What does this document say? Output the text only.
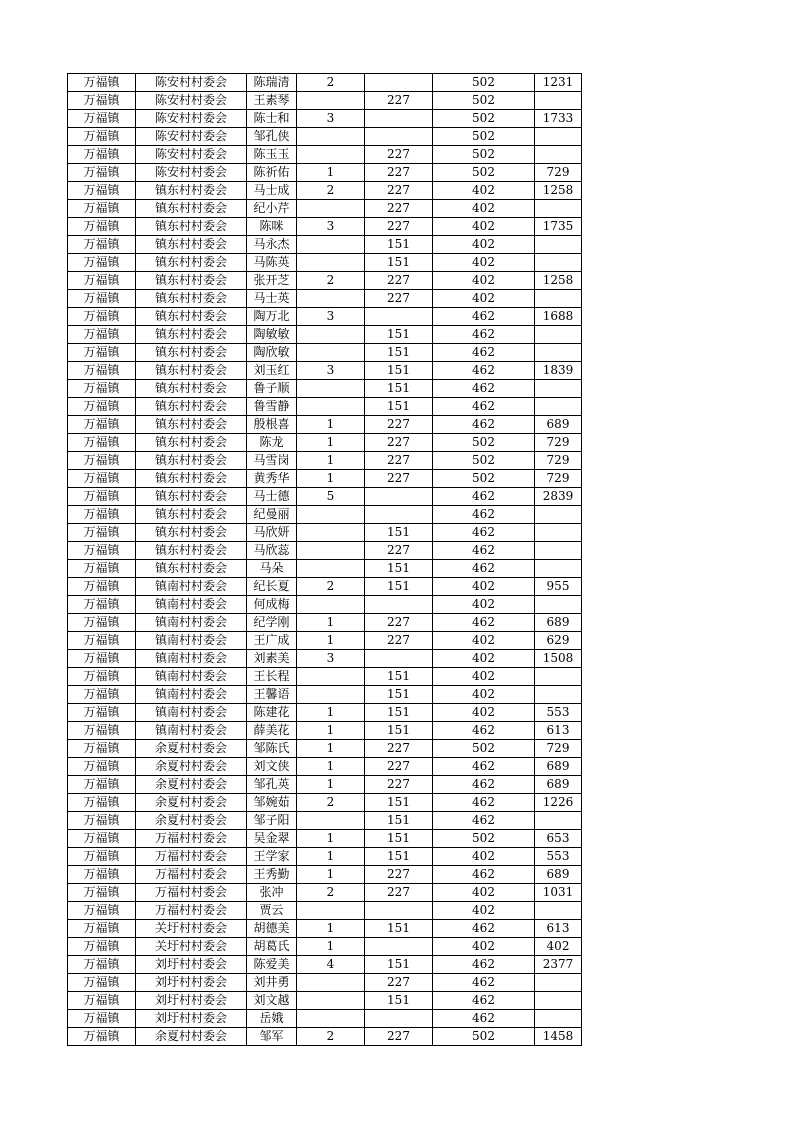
万福镇	陈安村村委会	陈瑞清	2		502	1231
万福镇	陈安村村委会	王素琴		227	502	
万福镇	陈安村村委会	陈士和	3		502	1733
万福镇	陈安村村委会	邹孔侠			502	
万福镇	陈安村村委会	陈玉玉		227	502	
万福镇	陈安村村委会	陈祈佑	1	227	502	729
万福镇	镇东村村委会	马士成	2	227	402	1258
万福镇	镇东村村委会	纪小芹		227	402	
万福镇	镇东村村委会	陈咪	3	227	402	1735
万福镇	镇东村村委会	马永杰		151	402	
万福镇	镇东村村委会	马陈英		151	402	
万福镇	镇东村村委会	张开芝	2	227	402	1258
万福镇	镇东村村委会	马士英		227	402	
万福镇	镇东村村委会	陶万北	3		462	1688
万福镇	镇东村村委会	陶敏敏		151	462	
万福镇	镇东村村委会	陶欣敏		151	462	
万福镇	镇东村村委会	刘玉红	3	151	462	1839
万福镇	镇东村村委会	鲁子顺		151	462	
万福镇	镇东村村委会	鲁雪静		151	462	
万福镇	镇东村村委会	殷根喜	1	227	462	689
万福镇	镇东村村委会	陈龙	1	227	502	729
万福镇	镇东村村委会	马雪岗	1	227	502	729
万福镇	镇东村村委会	黄秀华	1	227	502	729
万福镇	镇东村村委会	马士德	5		462	2839
万福镇	镇东村村委会	纪曼丽			462	
万福镇	镇东村村委会	马欣妍		151	462	
万福镇	镇东村村委会	马欣蕊		227	462	
万福镇	镇东村村委会	马朵		151	462	
万福镇	镇南村村委会	纪长夏	2	151	402	955
万福镇	镇南村村委会	何成梅			402	
万福镇	镇南村村委会	纪学刚	1	227	462	689
万福镇	镇南村村委会	王广成	1	227	402	629
万福镇	镇南村村委会	刘素美	3		402	1508
万福镇	镇南村村委会	王长程		151	402	
万福镇	镇南村村委会	王馨语		151	402	
万福镇	镇南村村委会	陈建花	1	151	402	553
万福镇	镇南村村委会	薛美花	1	151	462	613
万福镇	余夏村村委会	邹陈氏	1	227	502	729
万福镇	余夏村村委会	刘文侠	1	227	462	689
万福镇	余夏村村委会	邹孔英	1	227	462	689
万福镇	余夏村村委会	邹婉茹	2	151	462	1226
万福镇	余夏村村委会	邹子阳		151	462	
万福镇	万福村村委会	吴金翠	1	151	502	653
万福镇	万福村村委会	王学家	1	151	402	553
万福镇	万福村村委会	王秀勤	1	227	462	689
万福镇	万福村村委会	张冲	2	227	402	1031
万福镇	万福村村委会	贾云			402	
万福镇	关圩村村委会	胡德美	1	151	462	613
万福镇	关圩村村委会	胡葛氏	1		402	402
万福镇	刘圩村村委会	陈爱美	4	151	462	2377
万福镇	刘圩村村委会	刘井勇		227	462	
万福镇	刘圩村村委会	刘文越		151	462	
万福镇	刘圩村村委会	岳娥			462	
万福镇	余夏村村委会	邹军	2	227	502	1458
